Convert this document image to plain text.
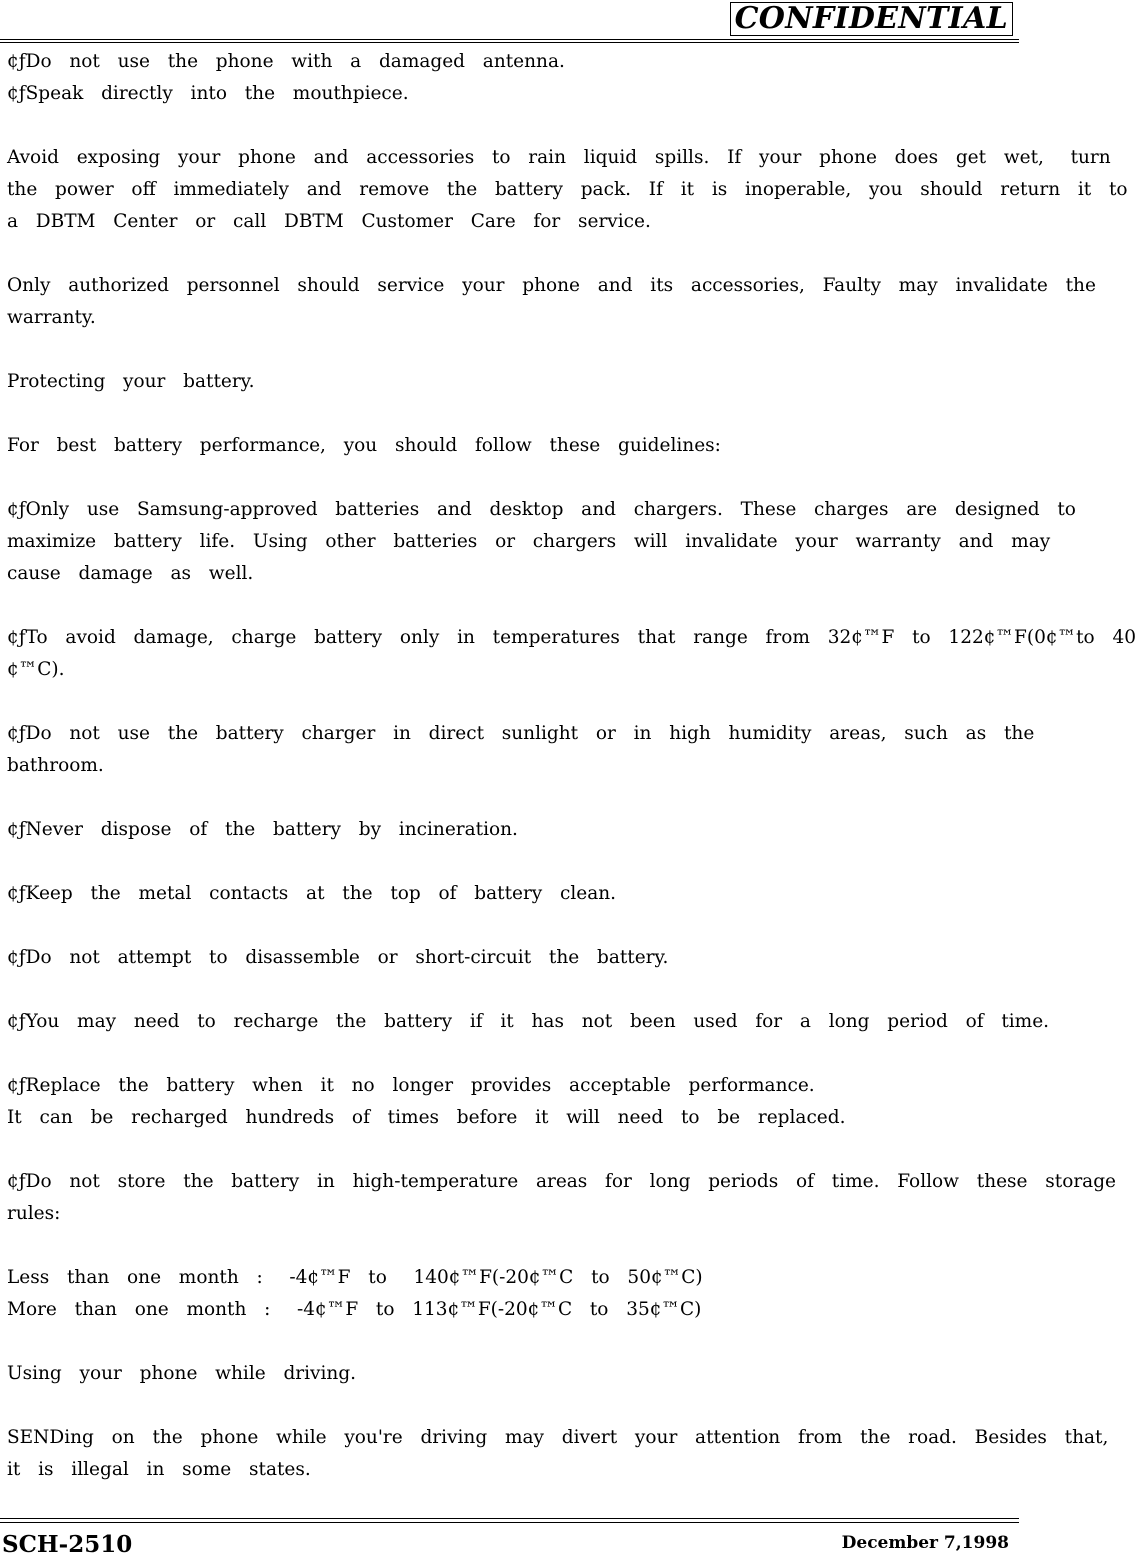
CONFIDENTIAL
¢ƒDo  not  use  the  phone  with  a  damaged  antenna.
¢ƒSpeak  directly  into  the  mouthpiece.
Avoid  exposing  your  phone  and  accessories  to  rain  liquid  spills.  If  your  phone  does  get  wet,   turn
the  power  off  immediately  and  remove  the  battery  pack.  If  it  is  inoperable,  you  should  return  it  to
a  DBTM  Center  or  call  DBTM  Customer  Care  for  service.
Only  authorized  personnel  should  service  your  phone  and  its  accessories,  Faulty  may  invalidate  the
warranty.
Protecting  your  battery.
For  best  battery  performance,  you  should  follow  these  guidelines:
¢ƒOnly  use  Samsung-approved  batteries  and  desktop  and  chargers.  These  charges  are  designed  to
maximize  battery  life.  Using  other  batteries  or  chargers  will  invalidate  your  warranty  and  may
cause  damage  as  well.
¢ƒTo  avoid  damage,  charge  battery  only  in  temperatures  that  range  from  32¢™F  to  122¢™F(0¢™to  40
¢™C).
¢ƒDo  not  use  the  battery  charger  in  direct  sunlight  or  in  high  humidity  areas,  such  as  the
bathroom.
¢ƒNever  dispose  of  the  battery  by  incineration.
¢ƒKeep  the  metal  contacts  at  the  top  of  battery  clean.
¢ƒDo  not  attempt  to  disassemble  or  short-circuit  the  battery.
¢ƒYou  may  need  to  recharge  the  battery  if  it  has  not  been  used  for  a  long  period  of  time.
¢ƒReplace  the  battery  when  it  no  longer  provides  acceptable  performance.
It  can  be  recharged  hundreds  of  times  before  it  will  need  to  be  replaced.
¢ƒDo  not  store  the  battery  in  high-temperature  areas  for  long  periods  of  time.  Follow  these  storage
rules:
Less  than  one  month  :   -4¢™F  to   140¢™F(-20¢™C  to  50¢™C)
More  than  one  month  :   -4¢™F  to  113¢™F(-20¢™C  to  35¢™C)
Using  your  phone  while  driving.
SENDing  on  the  phone  while  you're  driving  may  divert  your  attention  from  the  road.  Besides  that,
it  is  illegal  in  some  states.
SCH-2510	December 7,1998
